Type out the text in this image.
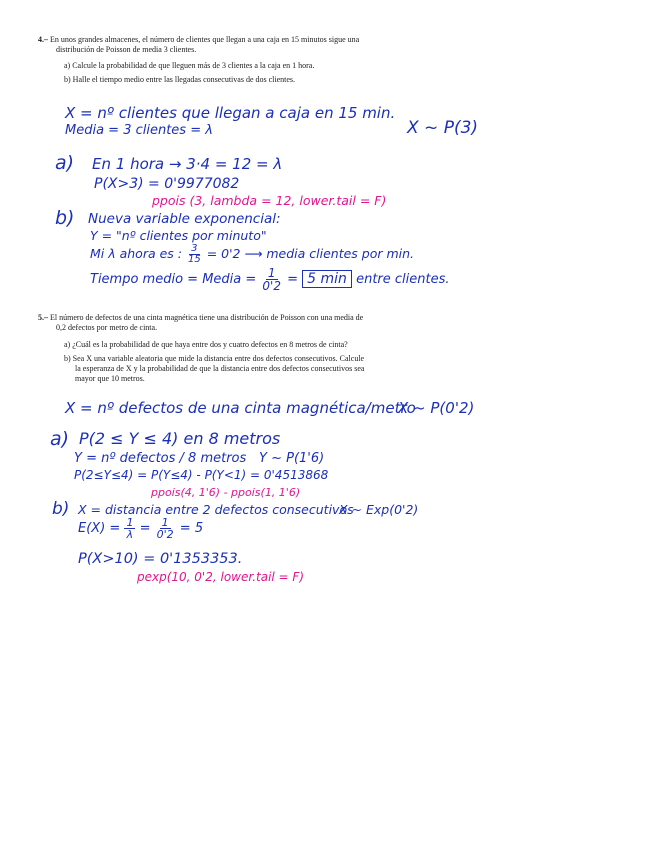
4.– En unos grandes almacenes, el número de clientes que llegan a una caja en 15 minutos sigue una
distribución de Poisson de media 3 clientes.
a) Calcule la probabilidad de que lleguen más de 3 clientes a la caja en 1 hora.
b) Halle el tiempo medio entre las llegadas consecutivas de dos clientes.
X = nº clientes que llegan a caja en 15 min.
Media = 3 clientes = λ	X ~ P(3)
a) En 1 hora → 3·4 = 12 = λ
P(X>3) = 0'9977082
ppois (3, lambda = 12, lower.tail = F)
b) Nueva variable exponencial:
Y = "nº clientes por minuto"
Mi λ ahora es : $\frac{3}{15} = 0'2$ ⟶ media clientes por min.
Tiempo medio = Media = $\frac{1}{0'2} = 5$ min entre clientes.
5.– El número de defectos de una cinta magnética tiene una distribución de Poisson con una media de
0,2 defectos por metro de cinta.
a) ¿Cuál es la probabilidad de que haya entre dos y cuatro defectos en 8 metros de cinta?
b) Sea X una variable aleatoria que mide la distancia entre dos defectos consecutivos. Calcule
la esperanza de X y la probabilidad de que la distancia entre dos defectos consecutivos sea
mayor que 10 metros.
X = nº defectos de una cinta magnética/metro
X ~ P(0'2)
a) P(2 ≤ Y ≤ 4) en 8 metros
Y = nº defectos / 8 metros Y ~ P(1'6)
P(2≤Y≤4) = P(Y≤4) - P(Y<1) = 0'4513868
ppois(4, 1'6) - ppois(1, 1'6)
b) X = distancia entre 2 defectos consecutivos
X ~ Exp(0'2)
$E(X) = \frac{1}{\lambda} = \frac{1}{0'2} = 5$
P(X>10) = 0'1353353.
pexp(10, 0'2, lower.tail = F)
